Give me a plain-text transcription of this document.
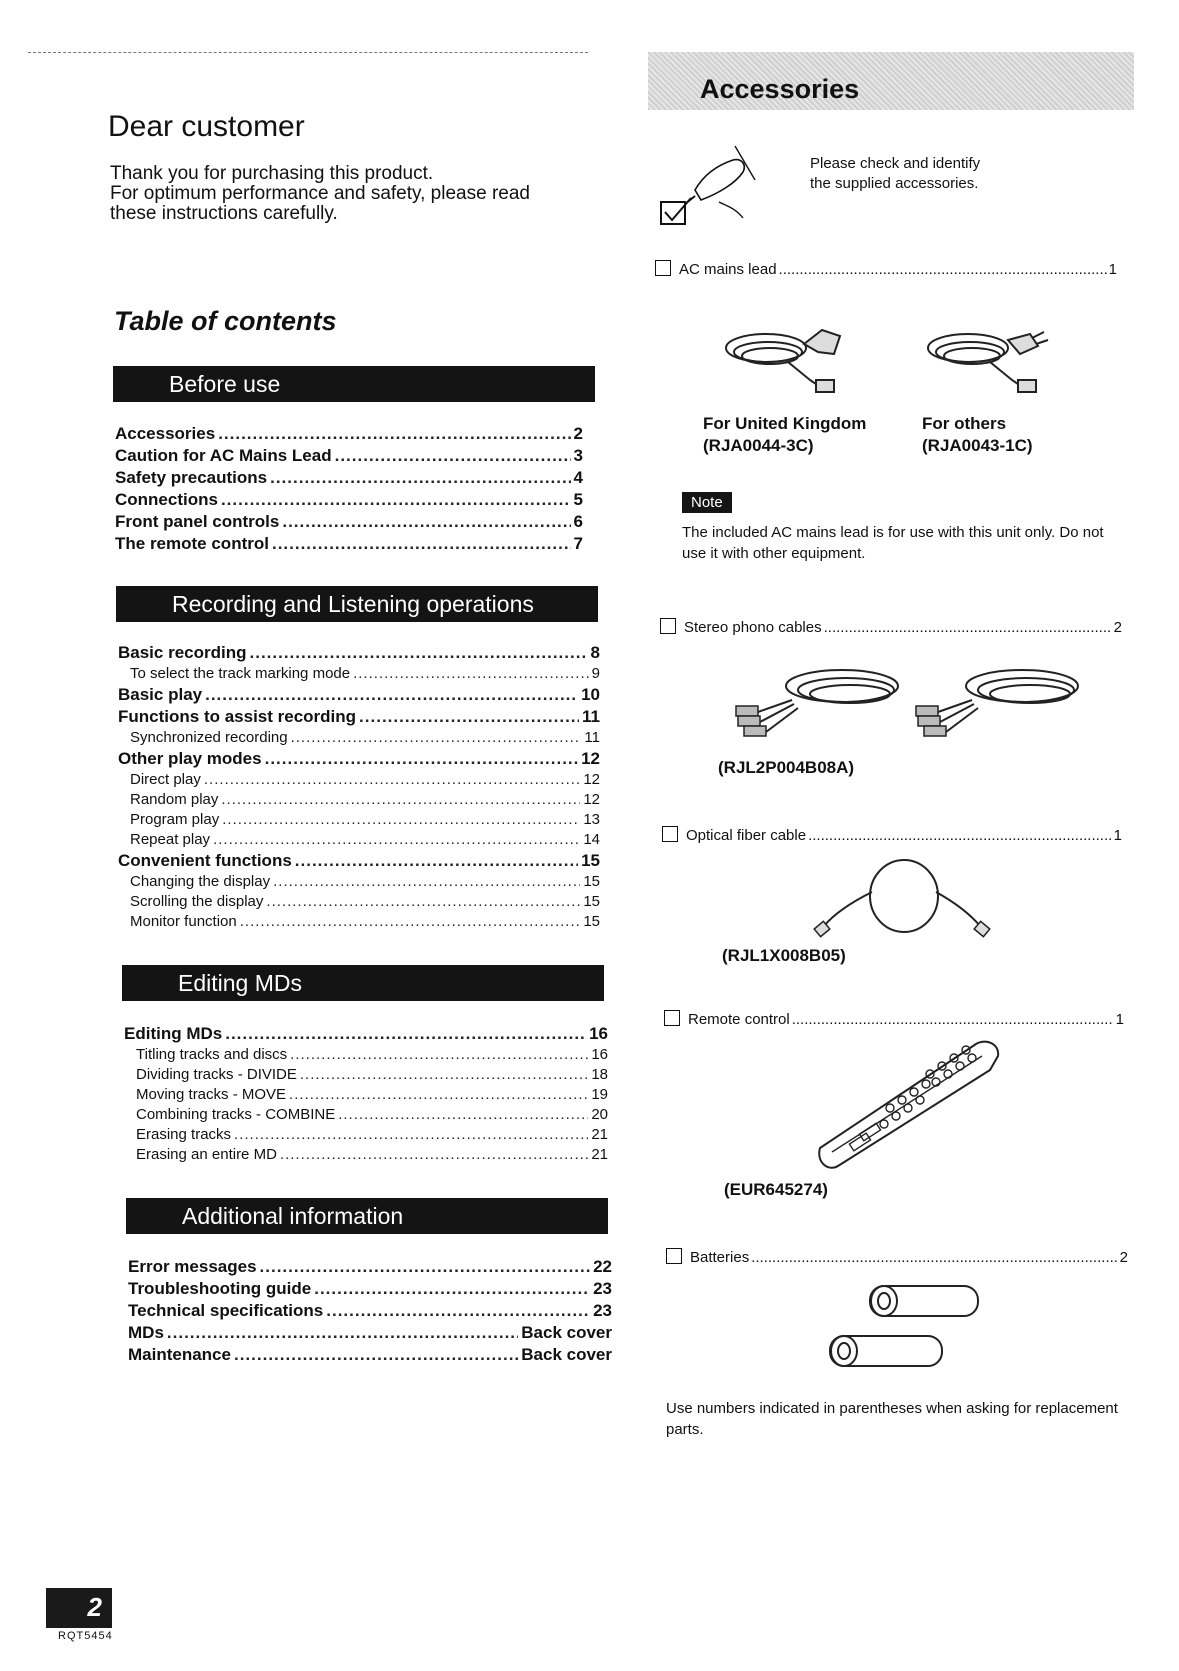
Dear customer
Thank you for purchasing this product.
For optimum performance and safety, please read
these instructions carefully.
Table of contents
Before use
Accessories .....	2
Caution for AC Mains Lead .....	3
Safety precautions .....	4
Connections .....	5
Front panel controls .....	6
The remote control .....	7
Recording and Listening operations
Basic recording .....	8
To select the track marking mode .....	9
Basic play .....	10
Functions to assist recording .....	11
Synchronized recording .....	11
Other play modes .....	12
Direct play .....	12
Random play .....	12
Program play .....	13
Repeat play .....	14
Convenient functions .....	15
Changing the display .....	15
Scrolling the display .....	15
Monitor function .....	15
Editing MDs
Editing MDs .....	16
Titling tracks and discs .....	16
Dividing tracks - DIVIDE .....	18
Moving tracks - MOVE .....	19
Combining tracks - COMBINE .....	20
Erasing tracks .....	21
Erasing an entire MD .....	21
Additional information
Error messages .....	22
Troubleshooting guide .....	23
Technical specifications .....	23
MDs .....	Back cover
Maintenance .....	Back cover
Accessories
Please check and identify
the supplied accessories.
AC mains lead .....	1
For United Kingdom
(RJA0044-3C)
For others
(RJA0043-1C)
Note
The included AC mains lead is for use with this unit only. Do not
use it with other equipment.
Stereo phono cables .....	2
(RJL2P004B08A)
Optical fiber cable .....	1
(RJL1X008B05)
Remote control .....	1
(EUR645274)
Batteries .....	2
Use numbers indicated in parentheses when asking for replacement
parts.
2
RQT5454
